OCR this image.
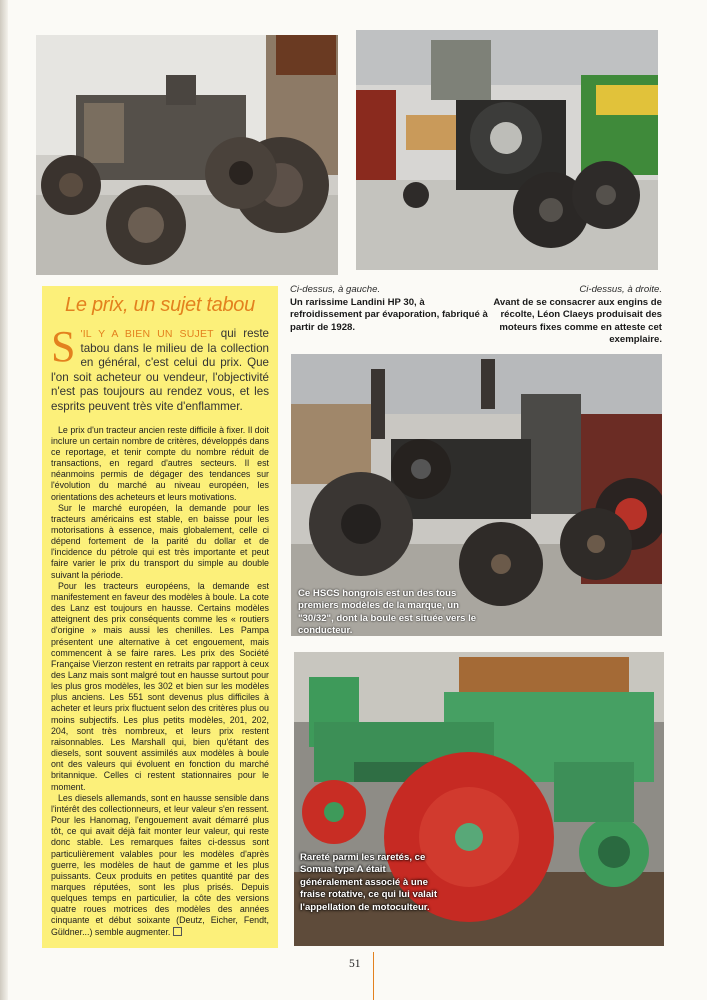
Ci-dessus, à gauche.
Un rarissime Landini HP 30, à refroidissement par évaporation, fabriqué à partir de 1928.
Ci-dessus, à droite.
Avant de se consacrer aux engins de récolte, Léon Claeys produisait des moteurs fixes comme en atteste cet exemplaire.
Ce HSCS hongrois est un des tous premiers modèles de la marque, un "30/32", dont la boule est située vers le conducteur.
Rareté parmi les raretés, ce Somua type A était généralement associé à une fraise rotative, ce qui lui valait l'appellation de motoculteur.
Le prix, un sujet tabou
S 'IL Y A BIEN UN SUJET qui reste tabou dans le milieu de la collection en général, c'est celui du prix. Que l'on soit acheteur ou vendeur, l'objectivité n'est pas toujours au rendez vous, et les esprits peuvent très vite d'enflammer.

Le prix d'un tracteur ancien reste difficile à fixer. Il doit inclure un certain nombre de critères, développés dans ce reportage, et tenir compte du nombre réduit de transactions, en regard d'autres secteurs. Il est néanmoins permis de dégager des tendances sur l'évolution du marché au niveau européen, les orientations des acheteurs et leurs motivations.

Sur le marché européen, la demande pour les tracteurs américains est stable, en baisse pour les motorisations à essence, mais globalement, celle ci dépend fortement de la parité du dollar et de l'incidence du pétrole qui est très importante et peut faire varier le prix du transport du simple au double suivant la période.

Pour les tracteurs européens, la demande est manifestement en faveur des modèles à boule. La cote des Lanz est toujours en hausse. Certains modèles atteignent des prix conséquents comme les « routiers d'origine » mais aussi les chenilles. Les Pampa présentent une alternative à cet engouement, mais commencent à se faire rares. Les prix des Société Française Vierzon restent en retraits par rapport à ceux des Lanz mais sont malgré tout en hausse surtout pour les plus gros modèles, les 302 et bien sur les modèles plus anciens. Les 551 sont devenus plus difficiles à acheter et leurs prix fluctuent selon des critères plus ou moins subjectifs. Les plus petits modèles, 201, 202, 204, sont très nombreux, et leurs prix restent raisonnables. Les Marshall qui, bien qu'étant des diesels, sont souvent assimilés aux modèles à boule ont des valeurs qui évoluent en fonction du marché britannique. Celles ci restent stationnaires pour le moment.

Les diesels allemands, sont en hausse sensible dans l'intérêt des collectionneurs, et leur valeur s'en ressent. Pour les Hanomag, l'engouement avait démarré plus tôt, ce qui avait déjà fait monter leur valeur, qui reste donc stable. Les remarques faites ci-dessus sont particulièrement valables pour les modèles d'après guerre, les modèles de haut de gamme et les plus puissants. Ceux produits en petites quantité par des marques réputées, sont les plus prisés. Depuis quelques temps en particulier, la côte des versions quatre roues motrices des modèles des années cinquante et début soixante (Deutz, Eicher, Fendt, Güldner...) semble augmenter.

51
